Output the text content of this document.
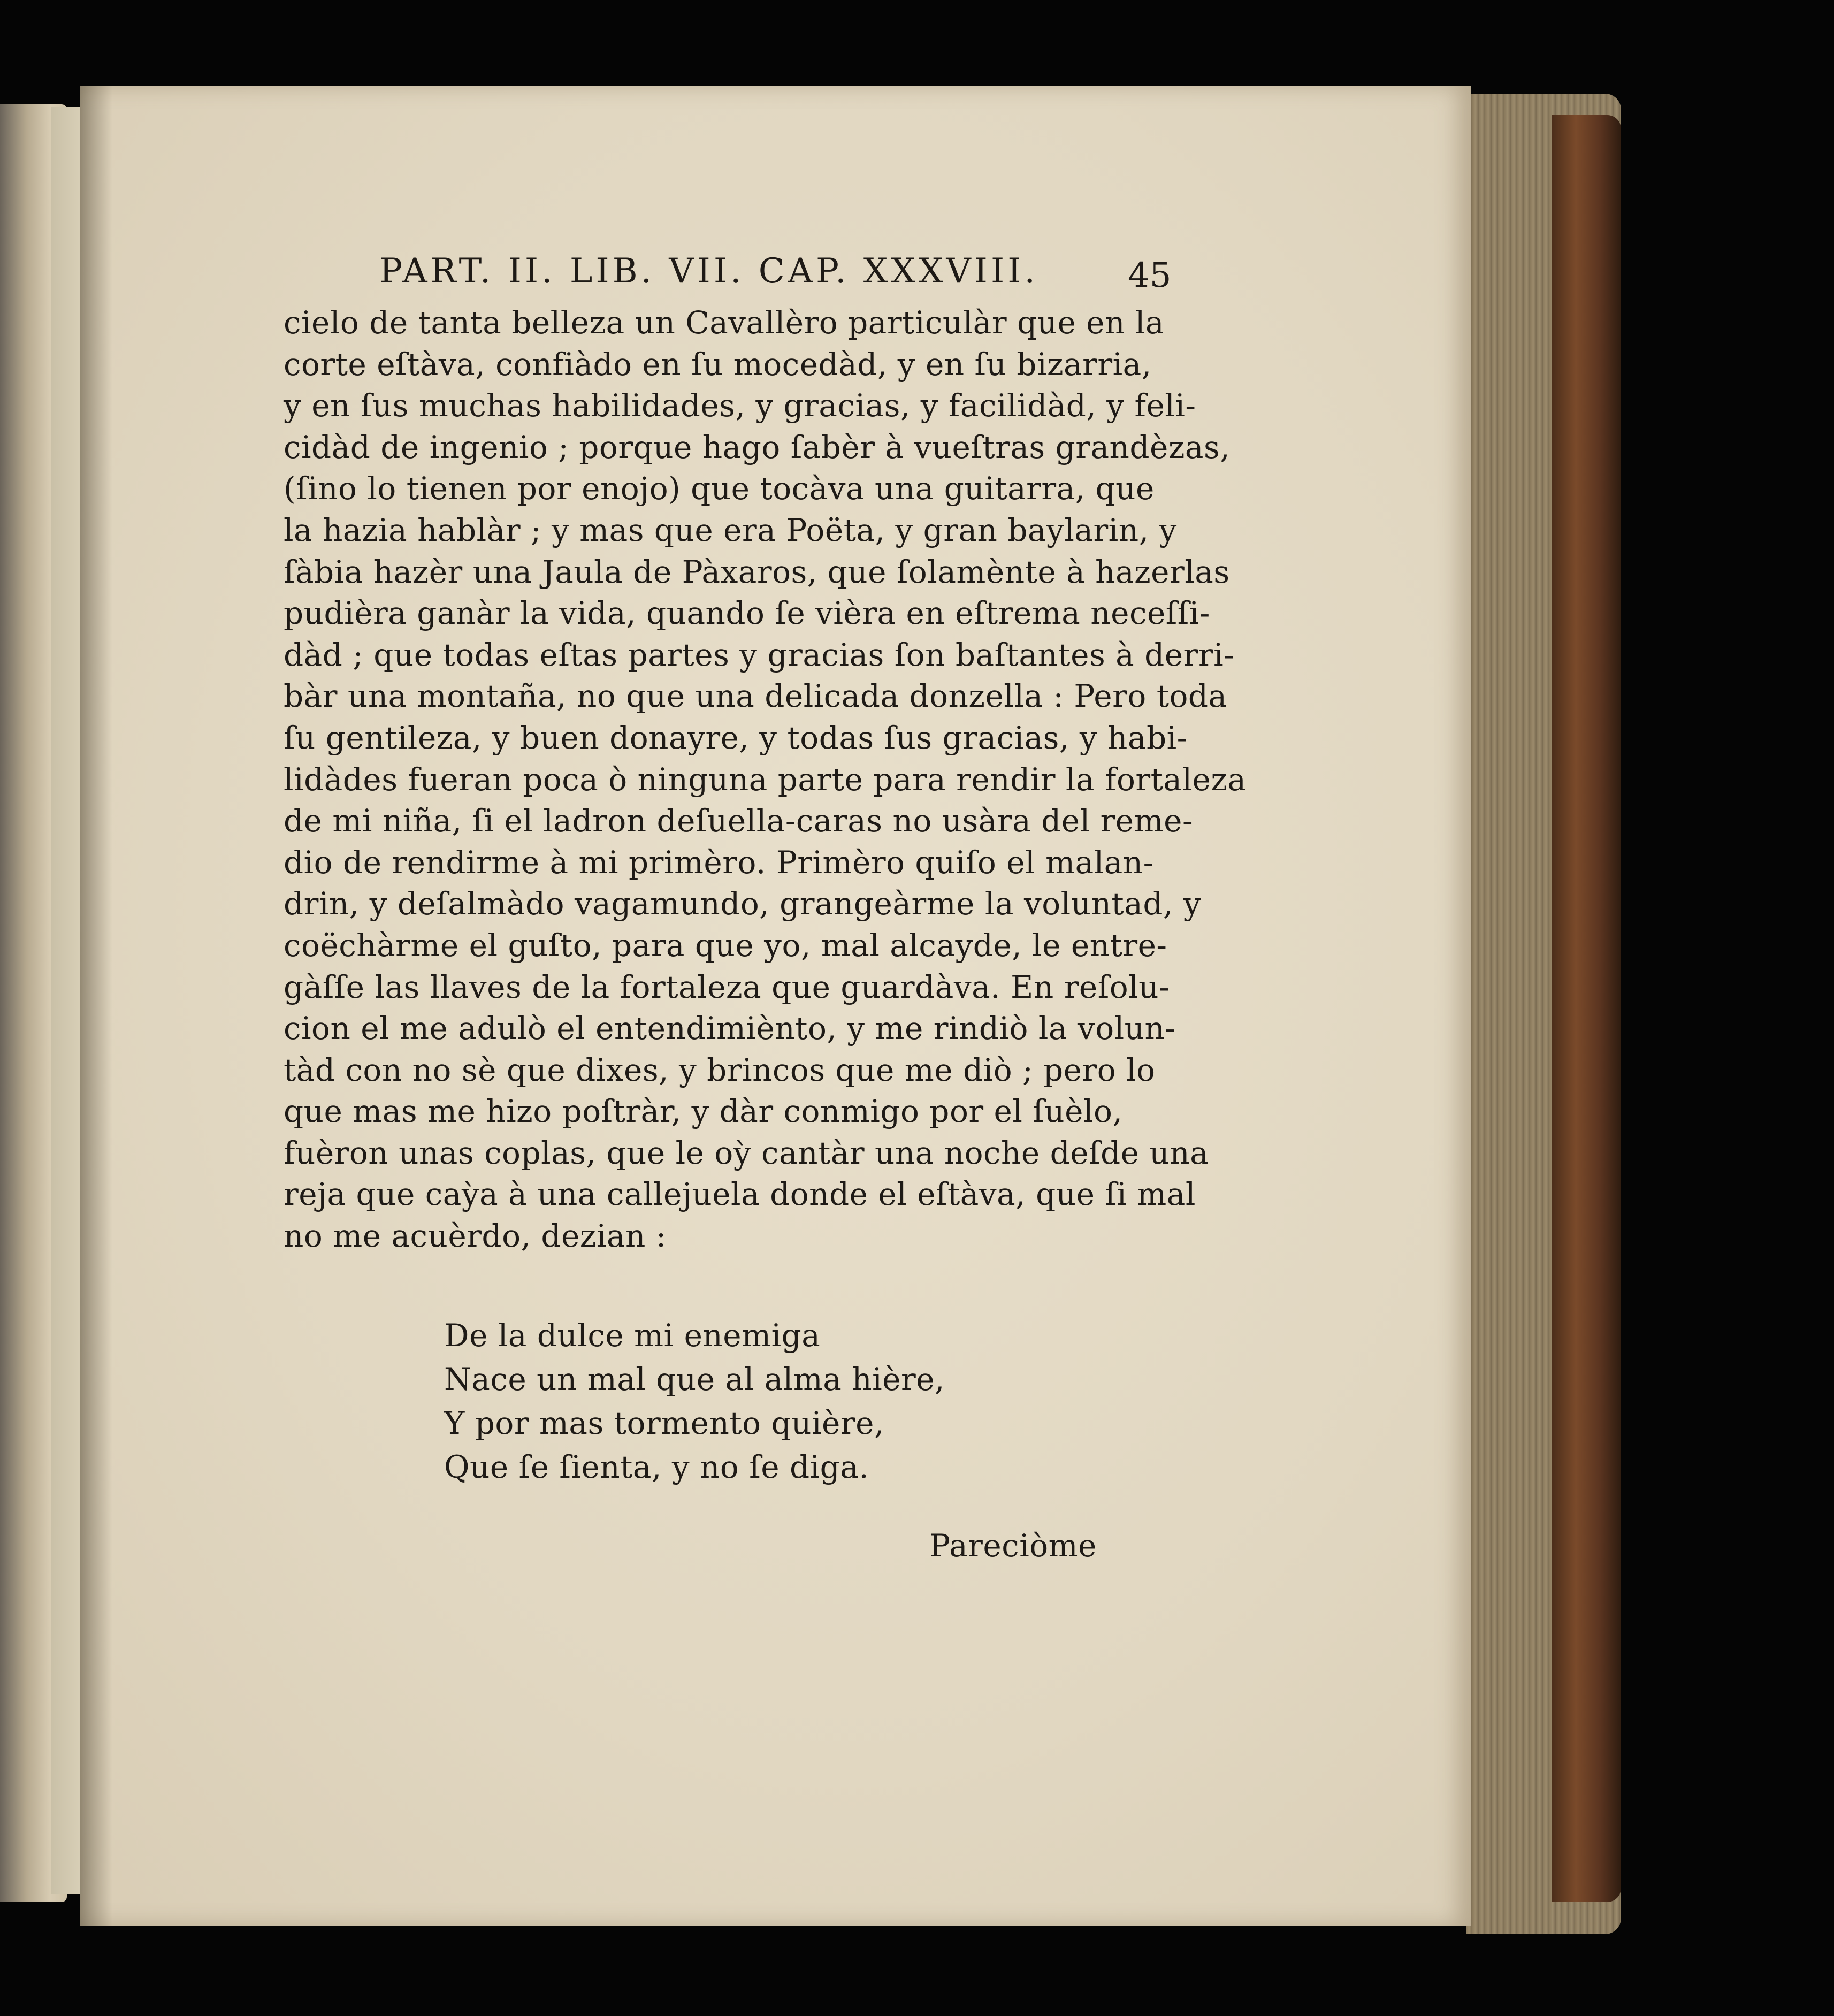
PART. II. LIB. VII. CAP. XXXVIII.	45
cielo de tanta belleza un Cavallèro particulàr que en la
corte eſtàva, confiàdo en ſu mocedàd, y en ſu bizarria,
y en ſus muchas habilidades, y gracias, y facilidàd, y feli-
cidàd de ingenio ; porque hago ſabèr à vueſtras grandèzas,
(ſino lo tienen por enojo) que tocàva una guitarra, que
la hazia hablàr ; y mas que era Poëta, y gran baylarin, y
ſàbia hazèr una Jaula de Pàxaros, que ſolamènte à hazerlas
pudièra ganàr la vida, quando ſe vièra en eſtrema neceſſi-
dàd ; que todas eſtas partes y gracias ſon baſtantes à derri-
bàr una montaña, no que una delicada donzella : Pero toda
ſu gentileza, y buen donayre, y todas ſus gracias, y habi-
lidàdes fueran poca ò ninguna parte para rendir la fortaleza
de mi niña, ſi el ladron deſuella-caras no usàra del reme-
dio de rendirme à mi primèro. Primèro quiſo el malan-
drin, y deſalmàdo vagamundo, grangeàrme la voluntad, y
coëchàrme el guſto, para que yo, mal alcayde, le entre-
gàſſe las llaves de la fortaleza que guardàva. En reſolu-
cion el me adulò el entendimiènto, y me rindiò la volun-
tàd con no sè que dixes, y brincos que me diò ; pero lo
que mas me hizo poſtràr, y dàr conmigo por el ſuèlo,
fuèron unas coplas, que le oỳ cantàr una noche deſde una
reja que caỳa à una callejuela donde el eſtàva, que ſi mal
no me acuèrdo, dezian :
De la dulce mi enemiga
Nace un mal que al alma hière,
Y por mas tormento quière,
Que ſe ſienta, y no ſe diga.
Pareciòme
